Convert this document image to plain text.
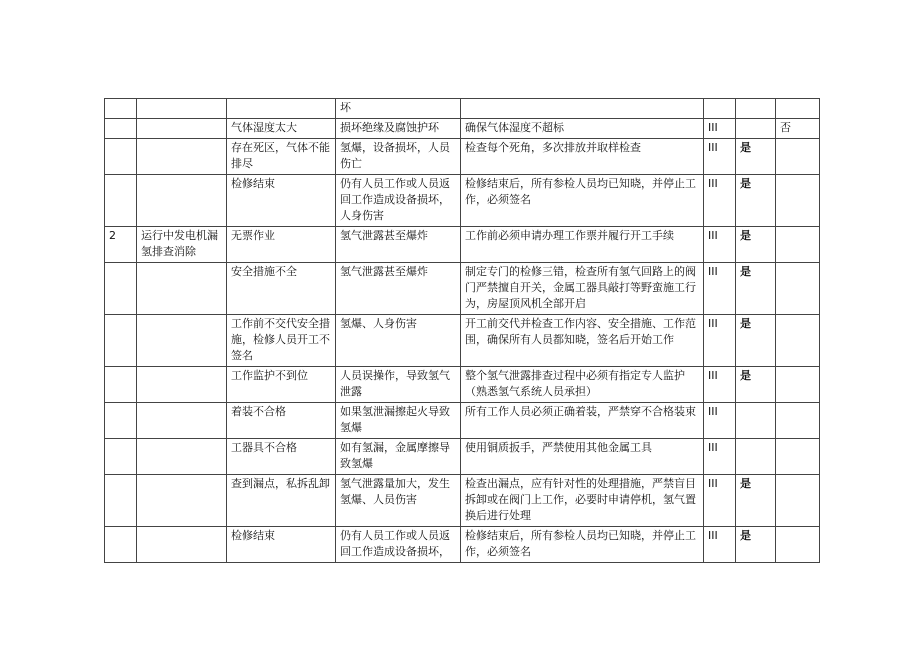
			坏				
		气体湿度太大	损坏绝缘及腐蚀护环	确保气体湿度不超标	III		否
		存在死区，气体不能排尽	氢爆，设备损坏，人员伤亡	检查每个死角，多次排放并取样检查	III	是	
		检修结束	仍有人员工作或人员返回工作造成设备损坏，人身伤害	检修结束后，所有参检人员均已知晓，并停止工作，必须签名	III	是	
2	运行中发电机漏氢排查消除	无票作业	氢气泄露甚至爆炸	工作前必须申请办理工作票并履行开工手续	III	是	
		安全措施不全	氢气泄露甚至爆炸	制定专门的检修三错，检查所有氢气回路上的阀门严禁擅自开关，金属工器具敲打等野蛮施工行为，房屋顶风机全部开启	III	是	
		工作前不交代安全措施，检修人员开工不签名	氢爆、人身伤害	开工前交代并检查工作内容、安全措施、工作范围，确保所有人员都知晓，签名后开始工作	III	是	
		工作监护不到位	人员误操作，导致氢气泄露	整个氢气泄露排查过程中必须有指定专人监护（熟悉氢气系统人员承担）	III	是	
		着装不合格	如果氢泄漏擦起火导致氢爆	所有工作人员必须正确着装，严禁穿不合格装束	III		
		工器具不合格	如有氢漏，金属摩擦导致氢爆	使用铜质扳手，严禁使用其他金属工具	III		
		查到漏点，私拆乱卸	氢气泄露量加大，发生氢爆、人员伤害	检查出漏点，应有针对性的处理措施，严禁盲目拆卸或在阀门上工作，必要时申请停机，氢气置换后进行处理	III	是	
		检修结束	仍有人员工作或人员返回工作造成设备损坏，	检修结束后，所有参检人员均已知晓，并停止工作，必须签名	III	是	
